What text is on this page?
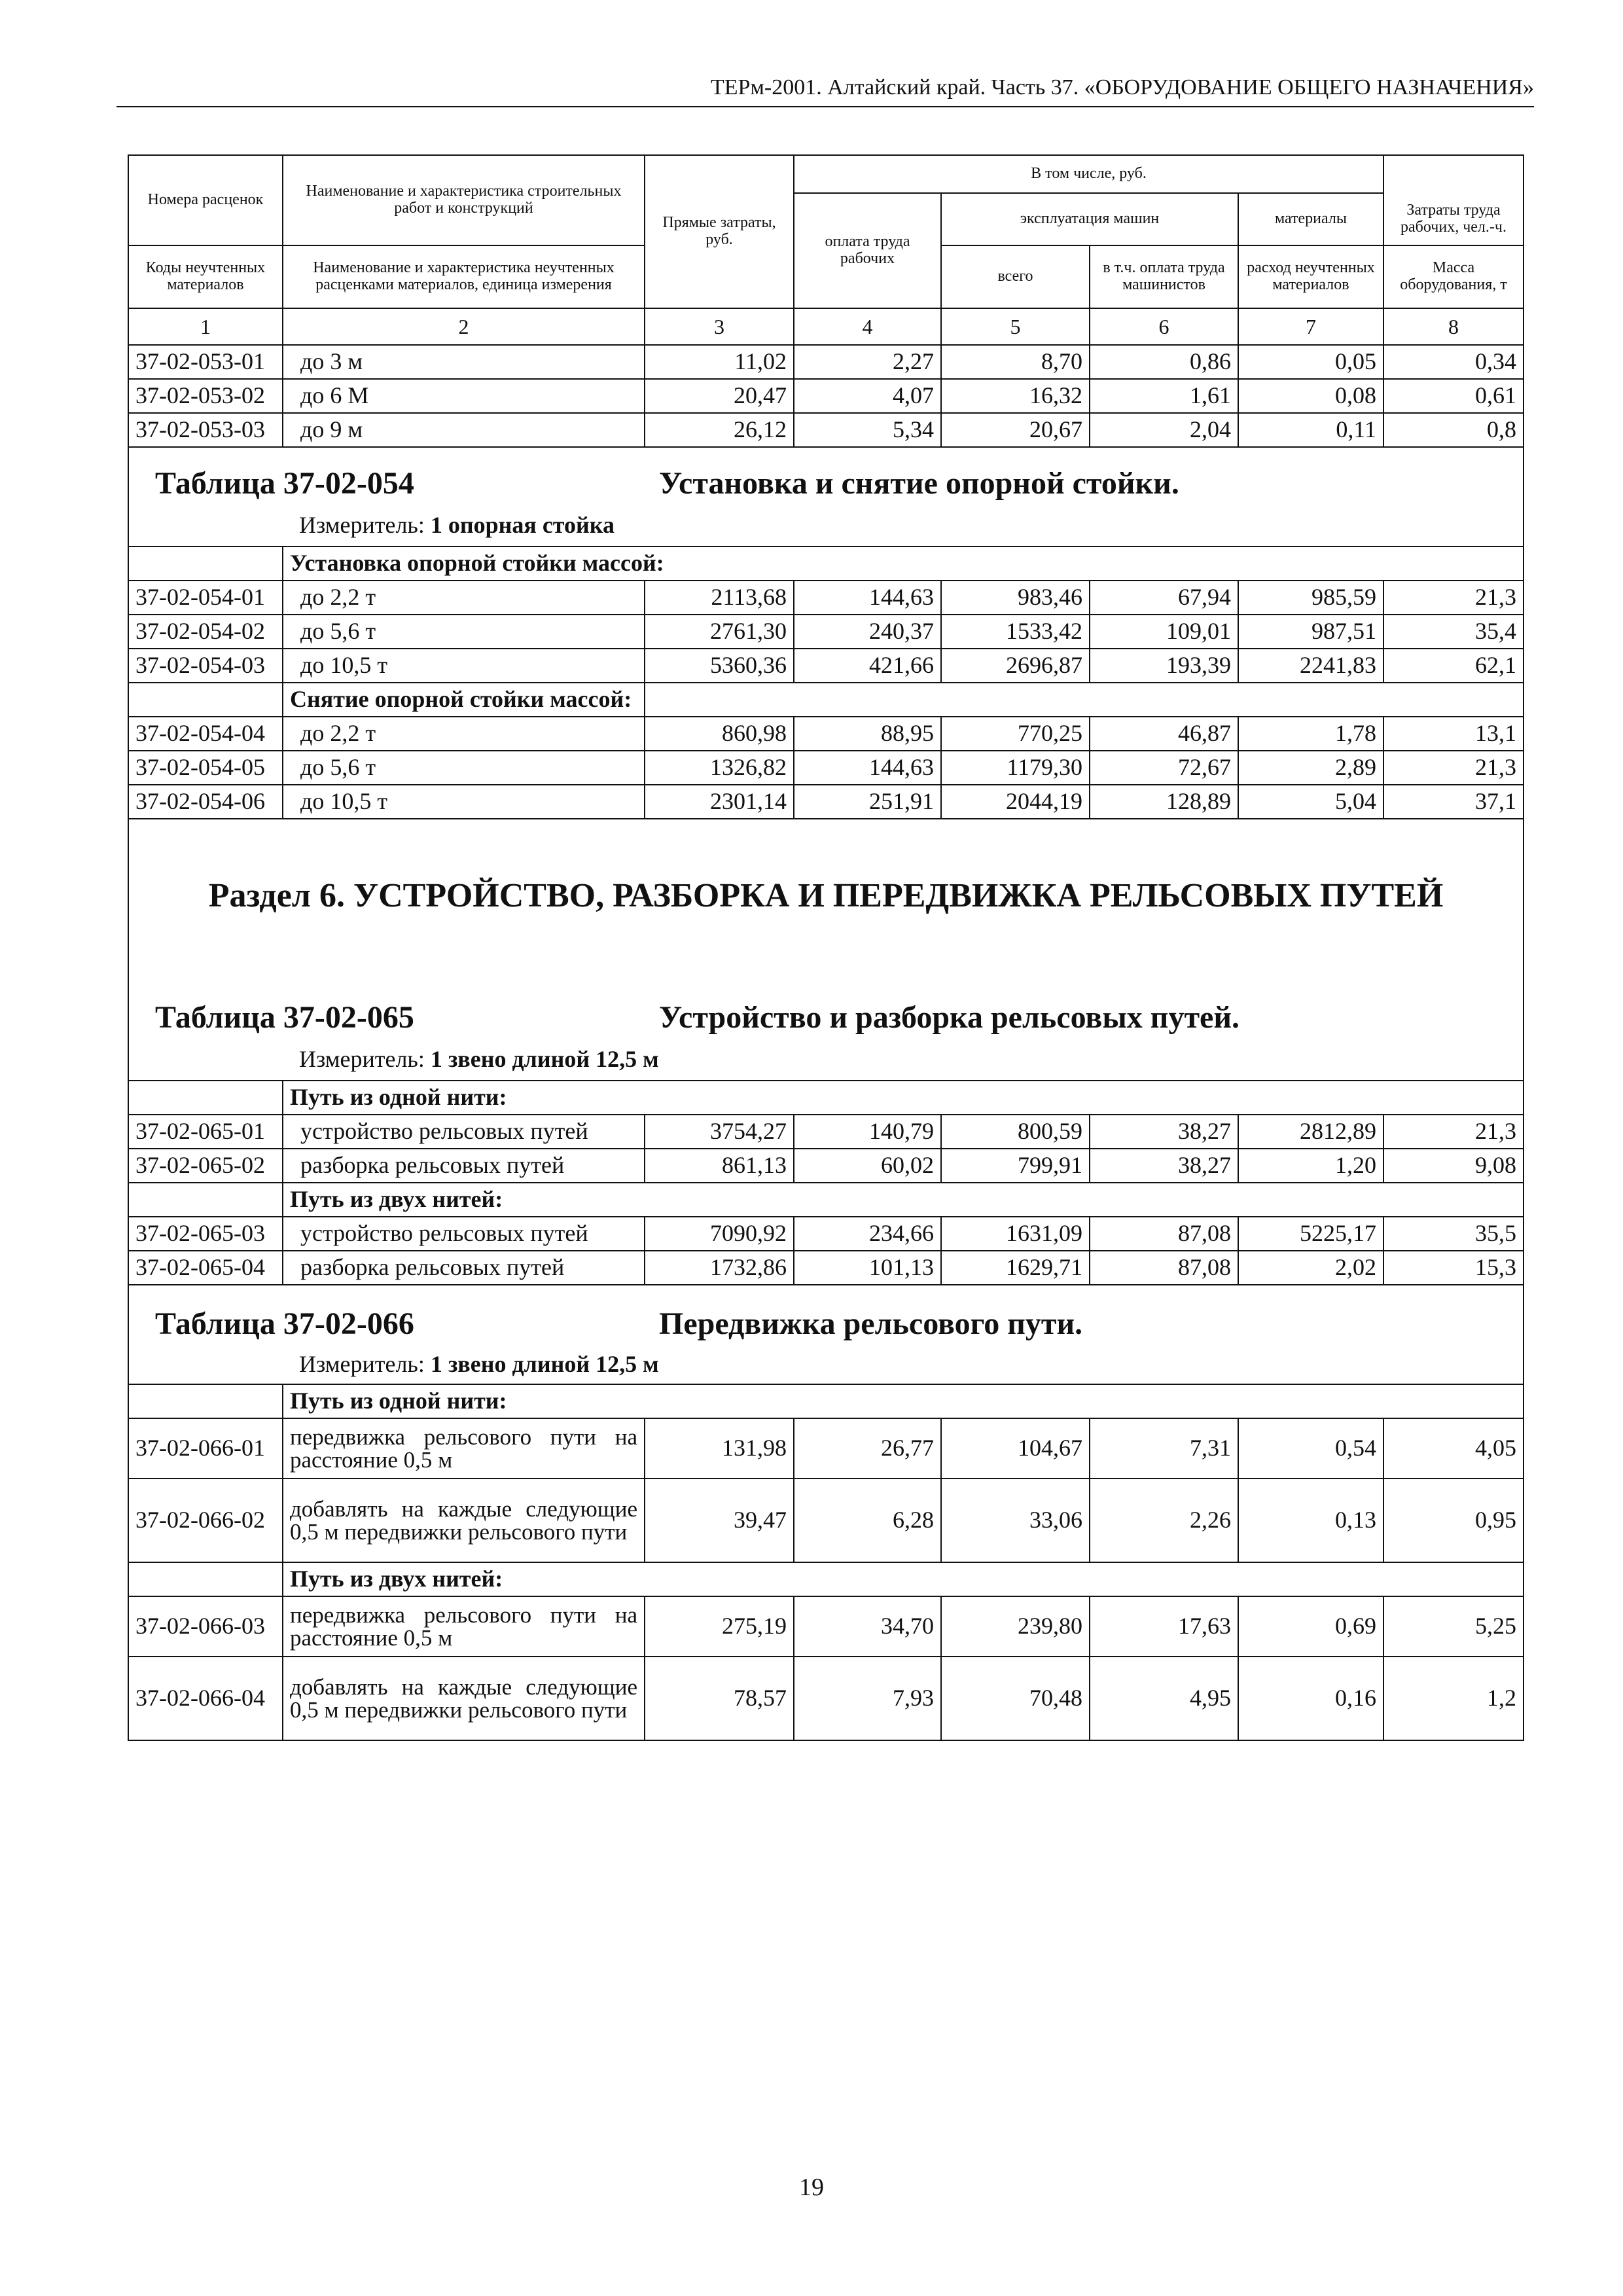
ТЕРм-2001. Алтайский край. Часть 37. «ОБОРУДОВАНИЕ ОБЩЕГО НАЗНАЧЕНИЯ»
Номера расценок	Наименование и характеристика строительных работ и конструкций	Прямые затраты, руб.	В том числе, руб.				
			оплата труда рабочих	эксплуатация машин		материалы	Затраты труда рабочих, чел.-ч.
Коды неучтенных материалов	Наименование и характеристика неучтенных расценками материалов, единица измерения			всего	в т.ч. оплата труда машинистов	расход неучтенных материалов	Масса оборудования, т
1	2	3	4	5	6	7	8
37-02-053-01	до 3 м	11,02	2,27	8,70	0,86	0,05	0,34
37-02-053-02	до 6 М	20,47	4,07	16,32	1,61	0,08	0,61
37-02-053-03	до 9 м	26,12	5,34	20,67	2,04	0,11	0,8

Таблица 37-02-054 Установка и снятие опорной стойки.
Измеритель: 1 опорная стойка							

	Установка опорной стойки массой:						
37-02-054-01	до 2,2 т	2113,68	144,63	983,46	67,94	985,59	21,3
37-02-054-02	до 5,6 т	2761,30	240,37	1533,42	109,01	987,51	35,4
37-02-054-03	до 10,5 т	5360,36	421,66	2696,87	193,39	2241,83	62,1
	Снятие опорной стойки массой:						
37-02-054-04	до 2,2 т	860,98	88,95	770,25	46,87	1,78	13,1
37-02-054-05	до 5,6 т	1326,82	144,63	1179,30	72,67	2,89	21,3
37-02-054-06	до 10,5 т	2301,14	251,91	2044,19	128,89	5,04	37,1

Раздел 6. УСТРОЙСТВО, РАЗБОРКА И ПЕРЕДВИЖКА РЕЛЬСОВЫХ ПУТЕЙ
Таблица 37-02-065 Устройство и разборка рельсовых путей.
Измеритель: 1 звено длиной 12,5 м							

	Путь из одной нити:						
37-02-065-01	устройство рельсовых путей	3754,27	140,79	800,59	38,27	2812,89	21,3
37-02-065-02	разборка рельсовых путей	861,13	60,02	799,91	38,27	1,20	9,08
	Путь из двух нитей:						
37-02-065-03	устройство рельсовых путей	7090,92	234,66	1631,09	87,08	5225,17	35,5
37-02-065-04	разборка рельсовых путей	1732,86	101,13	1629,71	87,08	2,02	15,3

Таблица 37-02-066 Передвижка рельсового пути.
Измеритель: 1 звено длиной 12,5 м							

	Путь из одной нити:						
37-02-066-01	передвижка рельсового пути на расстояние 0,5 м	131,98	26,77	104,67	7,31	0,54	4,05
37-02-066-02	добавлять на каждые следующие 0,5 м передвижки рельсового пути	39,47	6,28	33,06	2,26	0,13	0,95
	Путь из двух нитей:						
37-02-066-03	передвижка рельсового пути на расстояние 0,5 м	275,19	34,70	239,80	17,63	0,69	5,25
37-02-066-04	добавлять на каждые следующие 0,5 м передвижки рельсового пути	78,57	7,93	70,48	4,95	0,16	1,2
19
